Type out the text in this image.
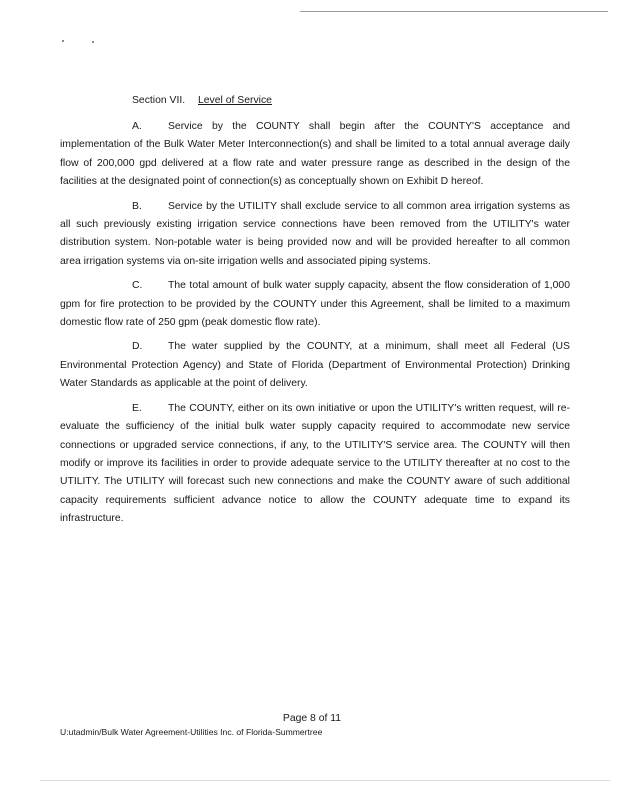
Section VII. Level of Service

A.	Service by the COUNTY shall begin after the COUNTY'S acceptance and implementation of the Bulk Water Meter Interconnection(s) and shall be limited to a total annual average daily flow of 200,000 gpd delivered at a flow rate and water pressure range as described in the design of the facilities at the designated point of connection(s) as conceptually shown on Exhibit D hereof.

B.	Service by the UTILITY shall exclude service to all common area irrigation systems as all such previously existing irrigation service connections have been removed from the UTILITY's water distribution system. Non-potable water is being provided now and will be provided hereafter to all common area irrigation systems via on-site irrigation wells and associated piping systems.

C. The total amount of bulk water supply capacity, absent the flow consideration of 1,000 gpm for fire protection to be provided by the COUNTY under this Agreement, shall be limited to a maximum domestic flow rate of 250 gpm (peak domestic flow rate).

D. The water supplied by the COUNTY, at a minimum, shall meet all Federal (US Environmental Protection Agency) and State of Florida (Department of Environmental Protection) Drinking Water Standards as applicable at the point of delivery.

E.	The COUNTY, either on its own initiative or upon the UTILITY's written request, will re-evaluate the sufficiency of the initial bulk water supply capacity required to accommodate new service connections or upgraded service connections, if any, to the UTILITY'S service area. The COUNTY will then modify or improve its facilities in order to provide adequate service to the UTILITY thereafter at no cost to the UTILITY. The UTILITY will forecast such new connections and make the COUNTY aware of such additional capacity requirements sufficient advance notice to allow the COUNTY adequate time to expand its infrastructure.

Page 8 of 11
U:utadmin/Bulk Water Agreement-Utilities Inc. of Florida-Summertree
